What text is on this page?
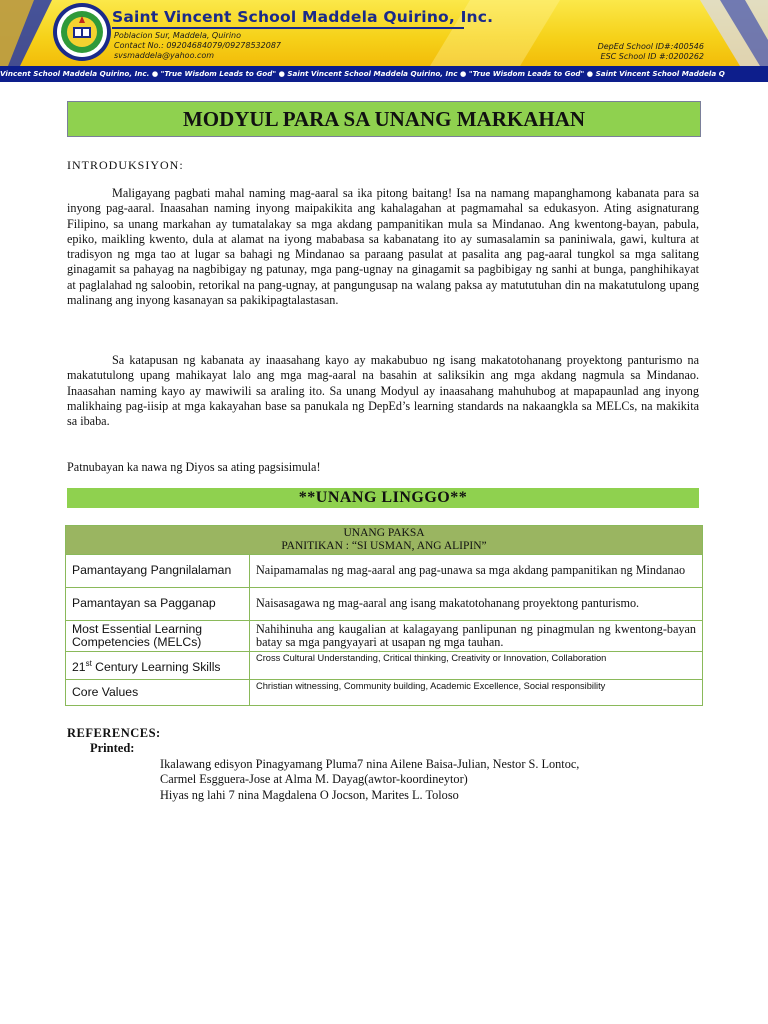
Saint Vincent School Maddela Quirino, Inc.
Poblacion Sur, Maddela, Quirino
Contact No.: 09204684079/09278532087
svsmaddela@yahoo.com
DepEd School ID#:400546
ESC School ID #:0200262
Vincent School Maddela Quirino, Inc. ● "True Wisdom Leads to God" ● Saint Vincent School Maddela Quirino, Inc ● "True Wisdom Leads to God" ● Saint Vincent School Maddela Q
MODYUL PARA SA UNANG MARKAHAN
INTRODUKSIYON:

Maligayang pagbati mahal naming mag-aaral sa ika pitong baitang! Isa na namang mapanghamong kabanata para sa inyong pag-aaral. Inaasahan naming inyong maipakikita ang kahalagahan at pagmamahal sa edukasyon. Ating asignaturang Filipino, sa unang markahan ay tumatalakay sa mga akdang pampanitikan mula sa Mindanao. Ang kwentong-bayan, pabula, epiko, maikling kwento, dula at alamat na iyong mababasa sa kabanatang ito ay sumasalamin sa paniniwala, gawi, kultura at tradisyon ng mga tao at lugar sa bahagi ng Mindanao sa paraang pasulat at pasalita ang pag-aaral tungkol sa mga salitang ginagamit sa pahayag na nagbibigay ng patunay, mga pang-ugnay na ginagamit sa pagbibigay ng sanhi at bunga, panghihikayat at paglalahad ng saloobin, retorikal na pang-ugnay, at pangungusap na walang paksa ay matututuhan din na makatutulong upang malinang ang inyong kasanayan sa pakikipagtalastasan.

Sa katapusan ng kabanata ay inaasahang kayo ay makabubuo ng isang makatotohanang proyektong panturismo na makatutulong upang mahikayat lalo ang mga mag-aaral na basahin at saliksikin ang mga akdang nagmula sa Mindanao. Inaasahan naming kayo ay mawiwili sa araling ito. Sa unang Modyul ay inaasahang mahuhubog at mapapaunlad ang inyong malikhaing pag-iisip at mga kakayahan base sa panukala ng DepEd’s learning standards na nakaangkla sa MELCs, na makikita sa ibaba.

Patnubayan ka nawa ng Diyos sa ating pagsisimula!
**UNANG LINGGO**
UNANG PAKSA
PANITIKAN : “SI USMAN, ANG ALIPIN”	

Pamantayang Pangnilalaman	Naipamamalas ng mag-aaral ang pag-unawa sa mga akdang pampanitikan ng Mindanao
Pamantayan sa Pagganap	Naisasagawa ng mag-aaral ang isang makatotohanang proyektong panturismo.
Most Essential Learning Competencies (MELCs)	Nahihinuha ang kaugalian at kalagayang panlipunan ng pinagmulan ng kwentong-bayan batay sa mga pangyayari at usapan ng mga tauhan.
21st Century Learning Skills	Cross Cultural Understanding, Critical thinking, Creativity or Innovation, Collaboration
Core Values	Christian witnessing, Community building, Academic Excellence, Social responsibility
REFERENCES:
Printed:
Ikalawang edisyon Pinagyamang Pluma7 nina Ailene Baisa-Julian, Nestor S. Lontoc,
Carmel Esgguera-Jose at Alma M. Dayag(awtor-koordineytor)
Hiyas ng lahi 7 nina Magdalena O Jocson, Marites L. Toloso
